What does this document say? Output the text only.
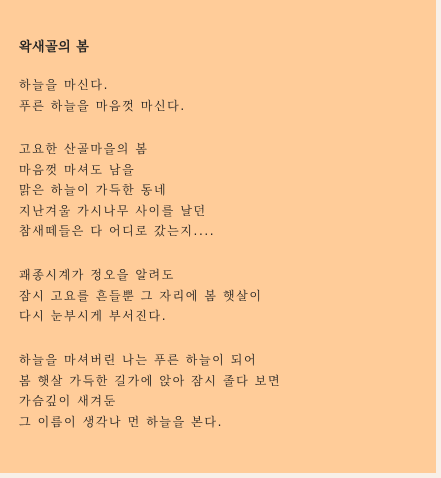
왁새골의 봄
하늘을 마신다.
푸른 하늘을 마음껏 마신다.
고요한 산골마을의 봄
마음껏 마셔도 남을
맑은 하늘이 가득한 동네
지난겨울 가시나무 사이를 날던
참새떼들은 다 어디로 갔는지....
괘종시계가 정오을 알려도
잠시 고요를 흔들뿐 그 자리에 봄 햇살이
다시 눈부시게 부서진다.
하늘을 마셔버린 나는 푸른 하늘이 되어
봄 햇살 가득한 길가에 앉아 잠시 졸다 보면
가슴깊이 새겨둔
그 이름이 생각나 먼 하늘을 본다.
